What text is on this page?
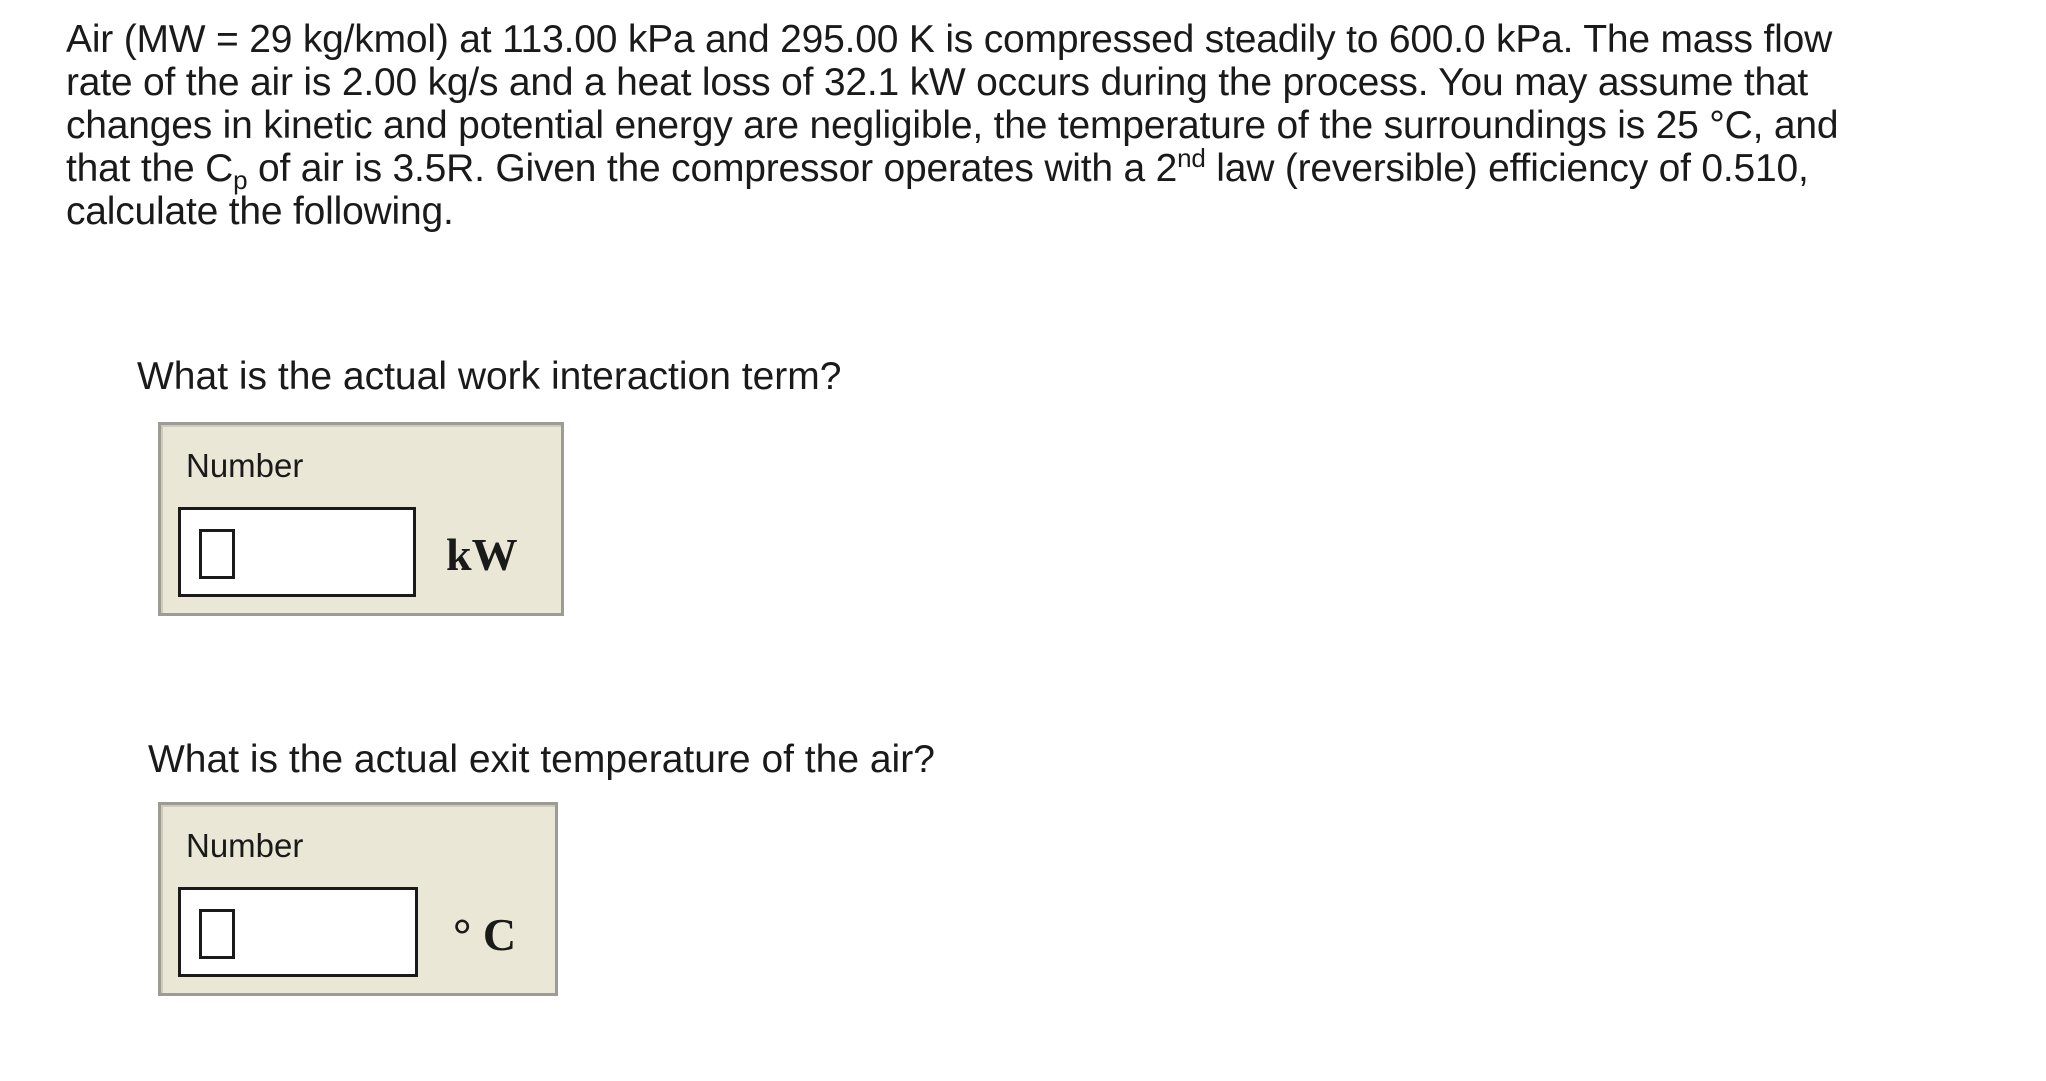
Air (MW = 29 kg/kmol) at 113.00 kPa and 295.00 K is compressed steadily to 600.0 kPa. The mass flow
rate of the air is 2.00 kg/s and a heat loss of 32.1 kW occurs during the process. You may assume that
changes in kinetic and potential energy are negligible, the temperature of the surroundings is 25 °C, and
that the $C_p$ of air is 3.5R. Given the compressor operates with a 2nd law (reversible) efficiency of 0.510,
calculate the following.
What is the actual work interaction term?
Number
kW
What is the actual exit temperature of the air?
Number
° C
